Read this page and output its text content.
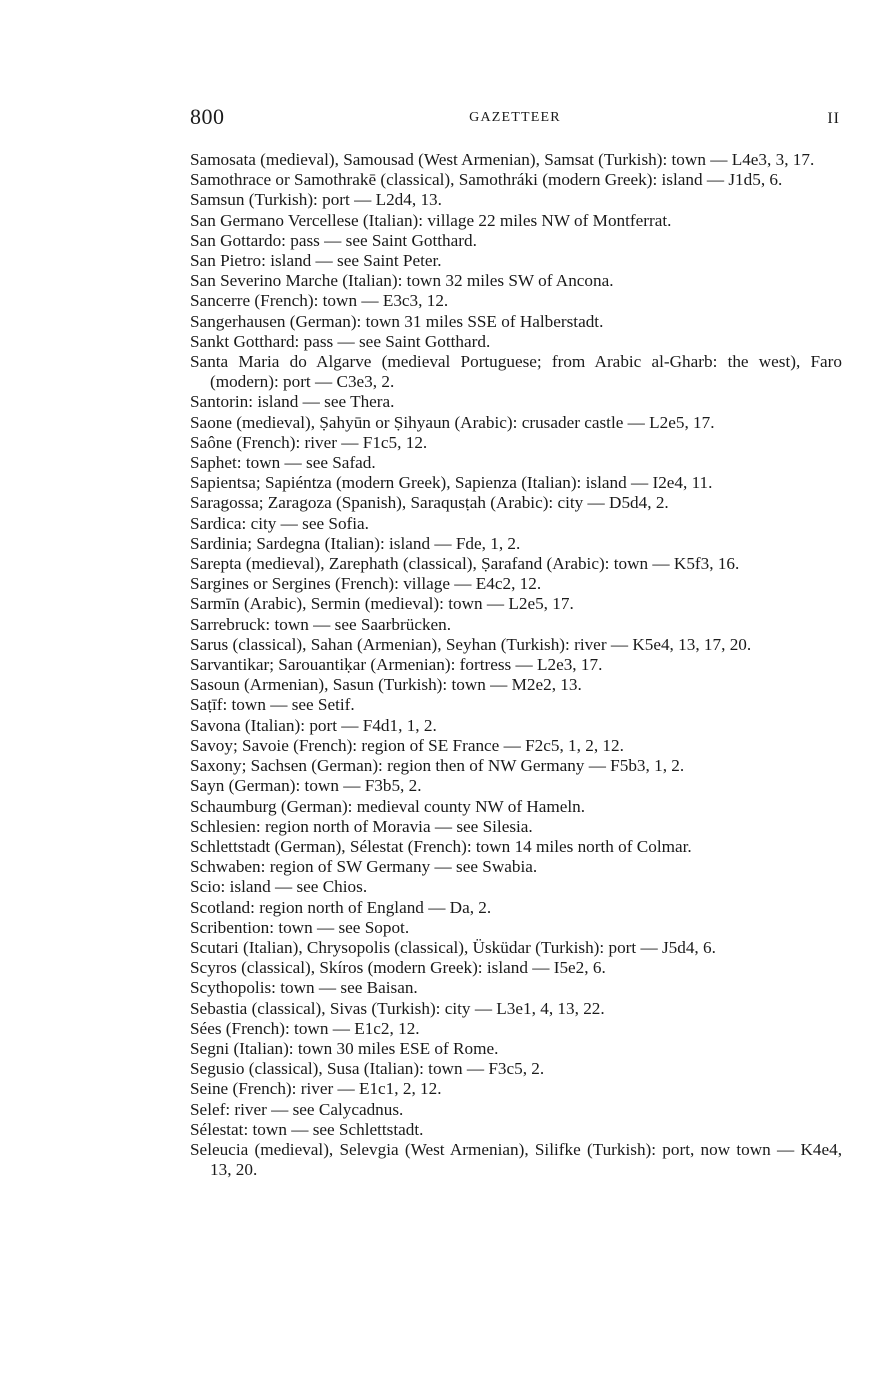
800	GAZETTEER	II
Samosata (medieval), Samousad (West Armenian), Samsat (Turkish): town — L4e3, 3, 17.
Samothrace or Samothrakē (classical), Samothráki (modern Greek): island — J1d5, 6.
Samsun (Turkish): port — L2d4, 13.
San Germano Vercellese (Italian): village 22 miles NW of Montferrat.
San Gottardo: pass — see Saint Gotthard.
San Pietro: island — see Saint Peter.
San Severino Marche (Italian): town 32 miles SW of Ancona.
Sancerre (French): town — E3c3, 12.
Sangerhausen (German): town 31 miles SSE of Halberstadt.
Sankt Gotthard: pass — see Saint Gotthard.
Santa Maria do Algarve (medieval Portuguese; from Arabic al-Gharb: the west), Faro (modern): port — C3e3, 2.
Santorin: island — see Thera.
Saone (medieval), Ṣahyūn or Ṣihyaun (Arabic): crusader castle — L2e5, 17.
Saône (French): river — F1c5, 12.
Saphet: town — see Safad.
Sapientsa; Sapiéntza (modern Greek), Sapienza (Italian): island — I2e4, 11.
Saragossa; Zaragoza (Spanish), Saraqusṭah (Arabic): city — D5d4, 2.
Sardica: city — see Sofia.
Sardinia; Sardegna (Italian): island — Fde, 1, 2.
Sarepta (medieval), Zarephath (classical), Ṣarafand (Arabic): town — K5f3, 16.
Sargines or Sergines (French): village — E4c2, 12.
Sarmīn (Arabic), Sermin (medieval): town — L2e5, 17.
Sarrebruck: town — see Saarbrücken.
Sarus (classical), Sahan (Armenian), Seyhan (Turkish): river — K5e4, 13, 17, 20.
Sarvantikar; Sarouantiḳar (Armenian): fortress — L2e3, 17.
Sasoun (Armenian), Sasun (Turkish): town — M2e2, 13.
Saṭīf: town — see Setif.
Savona (Italian): port — F4d1, 1, 2.
Savoy; Savoie (French): region of SE France — F2c5, 1, 2, 12.
Saxony; Sachsen (German): region then of NW Germany — F5b3, 1, 2.
Sayn (German): town — F3b5, 2.
Schaumburg (German): medieval county NW of Hameln.
Schlesien: region north of Moravia — see Silesia.
Schlettstadt (German), Sélestat (French): town 14 miles north of Colmar.
Schwaben: region of SW Germany — see Swabia.
Scio: island — see Chios.
Scotland: region north of England — Da, 2.
Scribention: town — see Sopot.
Scutari (Italian), Chrysopolis (classical), Üsküdar (Turkish): port — J5d4, 6.
Scyros (classical), Skíros (modern Greek): island — I5e2, 6.
Scythopolis: town — see Baisan.
Sebastia (classical), Sivas (Turkish): city — L3e1, 4, 13, 22.
Sées (French): town — E1c2, 12.
Segni (Italian): town 30 miles ESE of Rome.
Segusio (classical), Susa (Italian): town — F3c5, 2.
Seine (French): river — E1c1, 2, 12.
Selef: river — see Calycadnus.
Sélestat: town — see Schlettstadt.
Seleucia (medieval), Selevgia (West Armenian), Silifke (Turkish): port, now town — K4e4, 13, 20.
